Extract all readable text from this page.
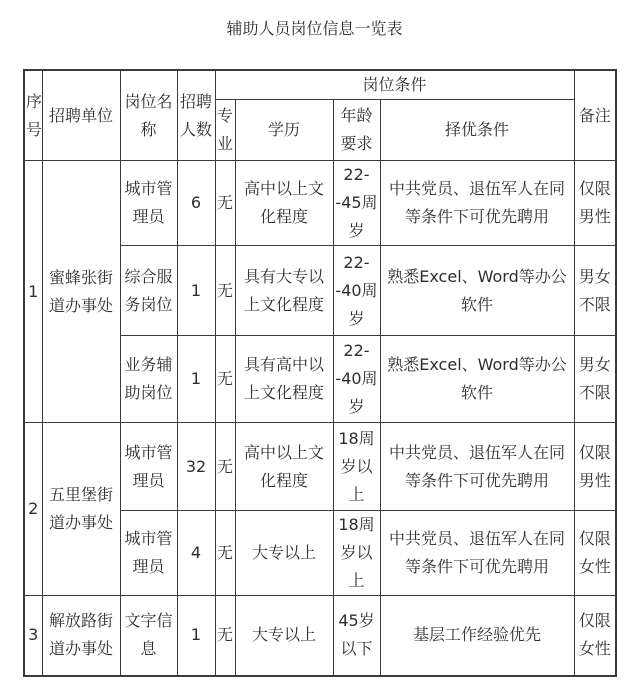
辅助人员岗位信息一览表
序号	招聘单位	岗位名称	招聘人数	岗位条件				备注
				专业	学历	年龄要求	择优条件	
1	蜜蜂张街道办事处	城市管理员	6	无	高中以上文化程度	22--45周岁	中共党员、退伍军人在同等条件下可优先聘用	仅限男性
		综合服务岗位	1	无	具有大专以上文化程度	22--40周岁	熟悉Excel、Word等办公软件	男女不限
		业务辅助岗位	1	无	具有高中以上文化程度	22--40周岁	熟悉Excel、Word等办公软件	男女不限
2	五里堡街道办事处	城市管理员	32	无	高中以上文化程度	18周岁以上	中共党员、退伍军人在同等条件下可优先聘用	仅限男性
		城市管理员	4	无	大专以上	18周岁以上	中共党员、退伍军人在同等条件下可优先聘用	仅限女性
3	解放路街道办事处	文字信息	1	无	大专以上	45岁以下	基层工作经验优先	仅限女性
